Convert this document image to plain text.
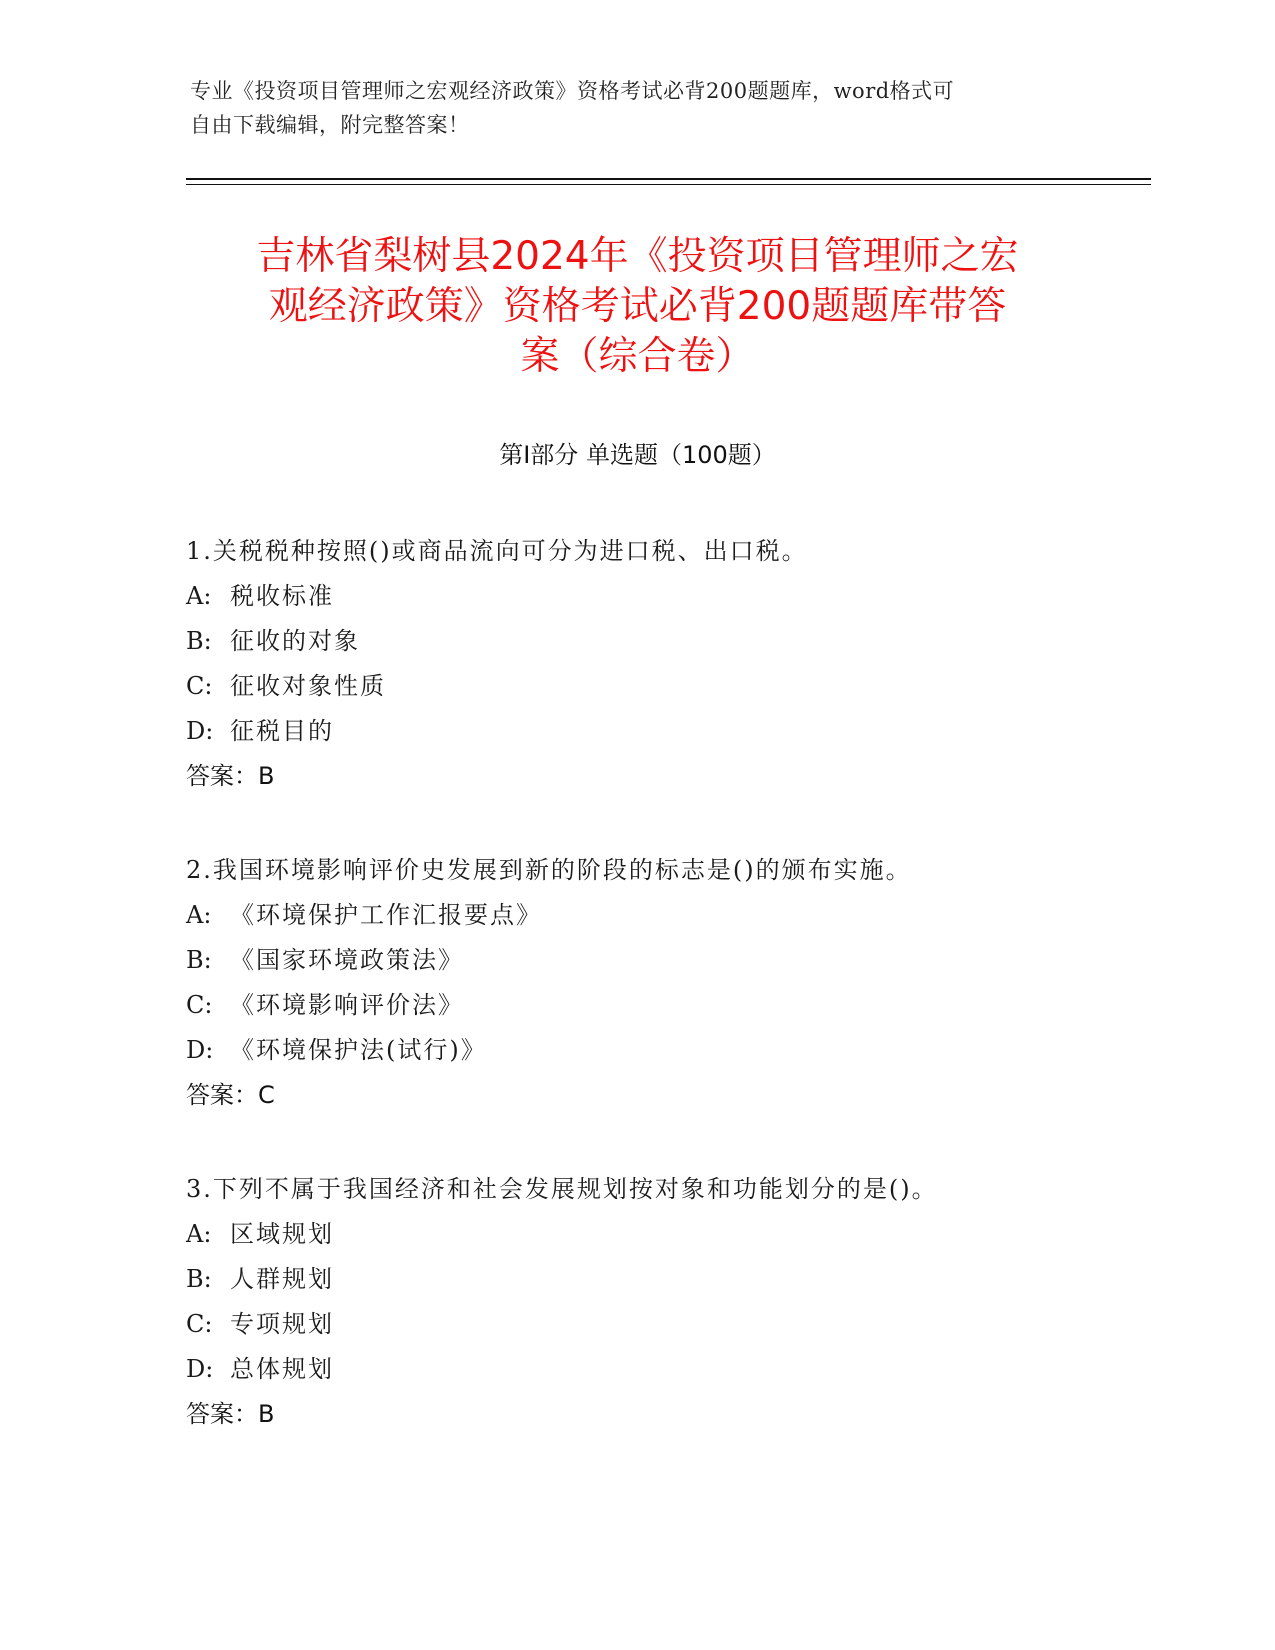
专业《投资项目管理师之宏观经济政策》资格考试必背200题题库，word格式可
自由下载编辑，附完整答案！
吉林省梨树县2024年《投资项目管理师之宏
观经济政策》资格考试必背200题题库带答
案（综合卷）
第Ⅰ部分 单选题（100题）
1.关税税种按照()或商品流向可分为进口税、出口税。
A: 税收标准
B: 征收的对象
C: 征收对象性质
D: 征税目的
答案：B
2.我国环境影响评价史发展到新的阶段的标志是()的颁布实施。
A: 《环境保护工作汇报要点》
B: 《国家环境政策法》
C: 《环境影响评价法》
D: 《环境保护法(试行)》
答案：C
3.下列不属于我国经济和社会发展规划按对象和功能划分的是()。
A: 区域规划
B: 人群规划
C: 专项规划
D: 总体规划
答案：B
